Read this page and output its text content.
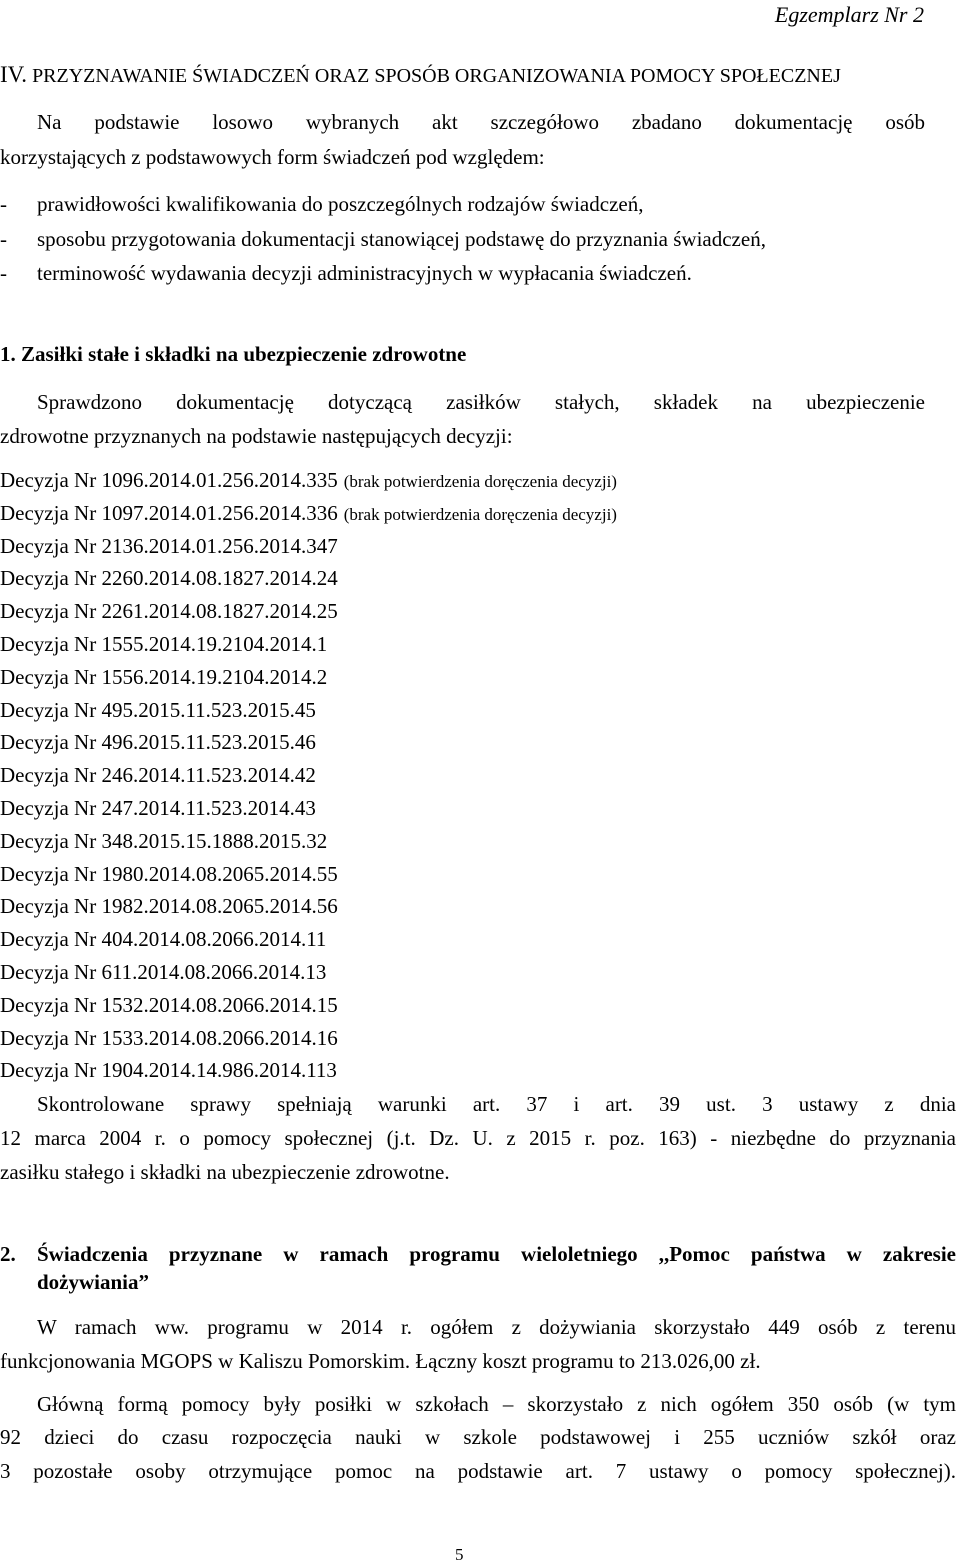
Egzemplarz Nr 2
IV. PRZYZNAWANIE ŚWIADCZEŃ ORAZ SPOSÓB ORGANIZOWANIA POMOCY SPOŁECZNEJ
Na podstawie losowo wybranych akt szczegółowo zbadano dokumentację osób
korzystających z podstawowych form świadczeń pod względem:
- prawidłowości kwalifikowania do poszczególnych rodzajów świadczeń,
- sposobu przygotowania dokumentacji stanowiącej podstawę do przyznania świadczeń,
- terminowość wydawania decyzji administracyjnych w wypłacania świadczeń.
1. Zasiłki stałe i składki na ubezpieczenie zdrowotne
Sprawdzono dokumentację dotyczącą zasiłków stałych, składek na ubezpieczenie
zdrowotne przyznanych na podstawie następujących decyzji:
Decyzja Nr 1096.2014.01.256.2014.335 (brak potwierdzenia doręczenia decyzji)
Decyzja Nr 1097.2014.01.256.2014.336 (brak potwierdzenia doręczenia decyzji)
Decyzja Nr 2136.2014.01.256.2014.347
Decyzja Nr 2260.2014.08.1827.2014.24
Decyzja Nr 2261.2014.08.1827.2014.25
Decyzja Nr 1555.2014.19.2104.2014.1
Decyzja Nr 1556.2014.19.2104.2014.2
Decyzja Nr 495.2015.11.523.2015.45
Decyzja Nr 496.2015.11.523.2015.46
Decyzja Nr 246.2014.11.523.2014.42
Decyzja Nr 247.2014.11.523.2014.43
Decyzja Nr 348.2015.15.1888.2015.32
Decyzja Nr 1980.2014.08.2065.2014.55
Decyzja Nr 1982.2014.08.2065.2014.56
Decyzja Nr 404.2014.08.2066.2014.11
Decyzja Nr 611.2014.08.2066.2014.13
Decyzja Nr 1532.2014.08.2066.2014.15
Decyzja Nr 1533.2014.08.2066.2014.16
Decyzja Nr 1904.2014.14.986.2014.113
Skontrolowane sprawy spełniają warunki art. 37 i art. 39 ust. 3 ustawy z dnia
12 marca 2004 r. o pomocy społecznej (j.t. Dz. U. z 2015 r. poz. 163) - niezbędne do przyznania
zasiłku stałego i składki na ubezpieczenie zdrowotne.
2. Świadczenia przyznane w ramach programu wieloletniego ,,Pomoc państwa w zakresie
dożywiania”
W ramach ww. programu w 2014 r. ogółem z dożywiania skorzystało 449 osób z terenu
funkcjonowania MGOPS w Kaliszu Pomorskim. Łączny koszt programu to 213.026,00 zł.
Główną formą pomocy były posiłki w szkołach – skorzystało z nich ogółem 350 osób (w tym
92 dzieci do czasu rozpoczęcia nauki w szkole podstawowej i 255 uczniów szkół oraz
3 pozostałe osoby otrzymujące pomoc na podstawie art. 7 ustawy o pomocy społecznej).
5
